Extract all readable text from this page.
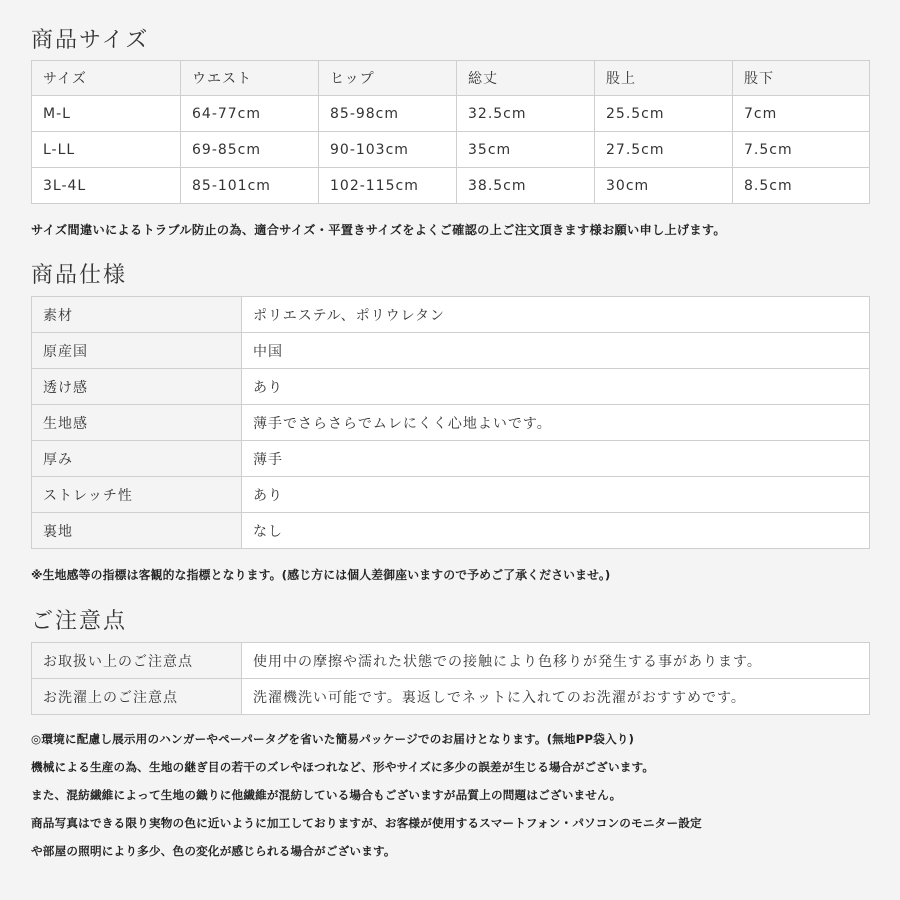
商品サイズ
サイズ	ウエスト	ヒップ	総丈	股上	股下
M-L	64-77cm	85-98cm	32.5cm	25.5cm	7cm
L-LL	69-85cm	90-103cm	35cm	27.5cm	7.5cm
3L-4L	85-101cm	102-115cm	38.5cm	30cm	8.5cm
サイズ間違いによるトラブル防止の為、適合サイズ・平置きサイズをよくご確認の上ご注文頂きます様お願い申し上げます。
商品仕様
素材	ポリエステル、ポリウレタン
原産国	中国
透け感	あり
生地感	薄手でさらさらでムレにくく心地よいです。
厚み	薄手
ストレッチ性	あり
裏地	なし
※生地感等の指標は客観的な指標となります。(感じ方には個人差御座いますので予めご了承くださいませ。)
ご注意点
お取扱い上のご注意点	使用中の摩擦や濡れた状態での接触により色移りが発生する事があります。
お洗濯上のご注意点	洗濯機洗い可能です。裏返しでネットに入れてのお洗濯がおすすめです。
◎環境に配慮し展示用のハンガーやペーパータグを省いた簡易パッケージでのお届けとなります。(無地PP袋入り)
機械による生産の為、生地の継ぎ目の若干のズレやほつれなど、形やサイズに多少の誤差が生じる場合がございます。
また、混紡繊維によって生地の織りに他繊維が混紡している場合もございますが品質上の問題はございません。
商品写真はできる限り実物の色に近いように加工しておりますが、お客様が使用するスマートフォン・パソコンのモニター設定
や部屋の照明により多少、色の変化が感じられる場合がございます。
